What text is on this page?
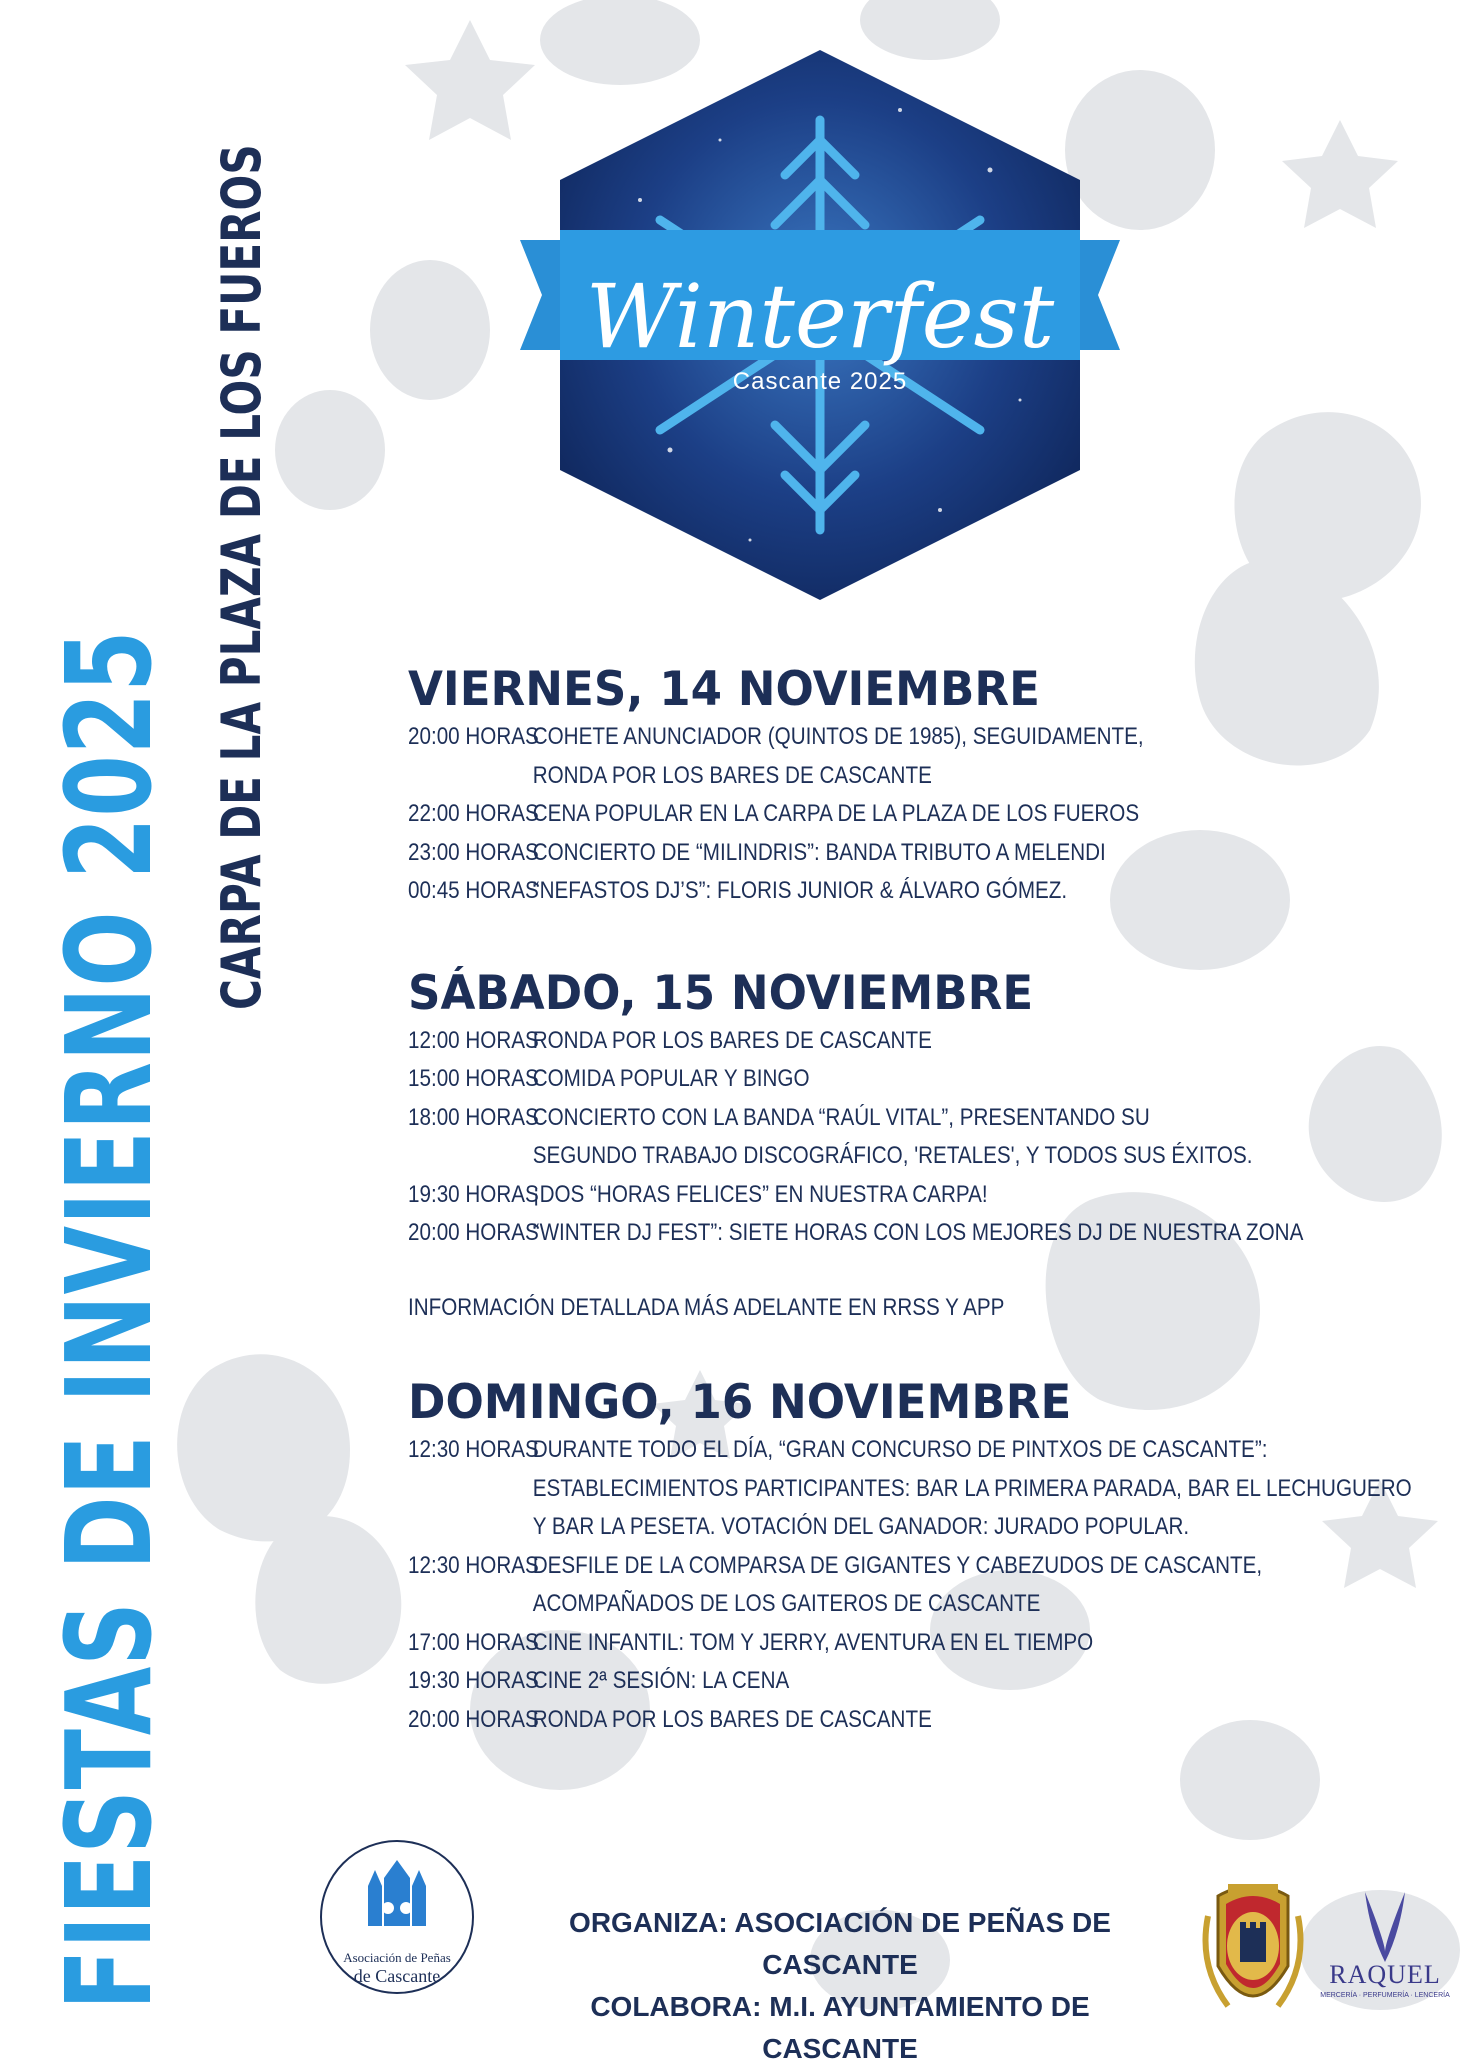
FIESTAS DE INVIERNO 2025
CARPA DE LA PLAZA DE LOS FUEROS	Winterfest
Cascante 2025
VIERNES, 14 NOVIEMBRE
20:00 HORAS
COHETE ANUNCIADOR (QUINTOS DE 1985), SEGUIDAMENTE,
RONDA POR LOS BARES DE CASCANTE
22:00 HORAS
CENA POPULAR EN LA CARPA DE LA PLAZA DE LOS FUEROS
23:00 HORAS
CONCIERTO DE “MILINDRIS”: BANDA TRIBUTO A MELENDI
00:45 HORAS
“NEFASTOS DJ’S”: FLORIS JUNIOR & ÁLVARO GÓMEZ.
SÁBADO, 15 NOVIEMBRE
12:00 HORAS
RONDA POR LOS BARES DE CASCANTE
15:00 HORAS
COMIDA POPULAR Y BINGO
18:00 HORAS
CONCIERTO CON LA BANDA “RAÚL VITAL”, PRESENTANDO SU
SEGUNDO TRABAJO DISCOGRÁFICO, 'RETALES', Y TODOS SUS ÉXITOS.
19:30 HORAS
¡DOS “HORAS FELICES” EN NUESTRA CARPA!
20:00 HORAS
“WINTER DJ FEST”: SIETE HORAS CON LOS MEJORES DJ DE NUESTRA ZONA
INFORMACIÓN DETALLADA MÁS ADELANTE EN RRSS Y APP
DOMINGO, 16 NOVIEMBRE
12:30 HORAS
DURANTE TODO EL DÍA, “GRAN CONCURSO DE PINTXOS DE CASCANTE”:
ESTABLECIMIENTOS PARTICIPANTES: BAR LA PRIMERA PARADA, BAR EL LECHUGUERO
Y BAR LA PESETA. VOTACIÓN DEL GANADOR: JURADO POPULAR.
12:30 HORAS
DESFILE DE LA COMPARSA DE GIGANTES Y CABEZUDOS DE CASCANTE,
ACOMPAÑADOS DE LOS GAITEROS DE CASCANTE
17:00 HORAS
CINE INFANTIL: TOM Y JERRY, AVENTURA EN EL TIEMPO
19:30 HORAS
CINE 2ª SESIÓN: LA CENA
20:00 HORAS
RONDA POR LOS BARES DE CASCANTE
Asociación de Peñas
de Cascante
ORGANIZA: ASOCIACIÓN DE PEÑAS DE CASCANTE
COLABORA: M.I. AYUNTAMIENTO DE CASCANTE
RAQUEL
MERCERÍA · PERFUMERÍA · LENCERÍA
